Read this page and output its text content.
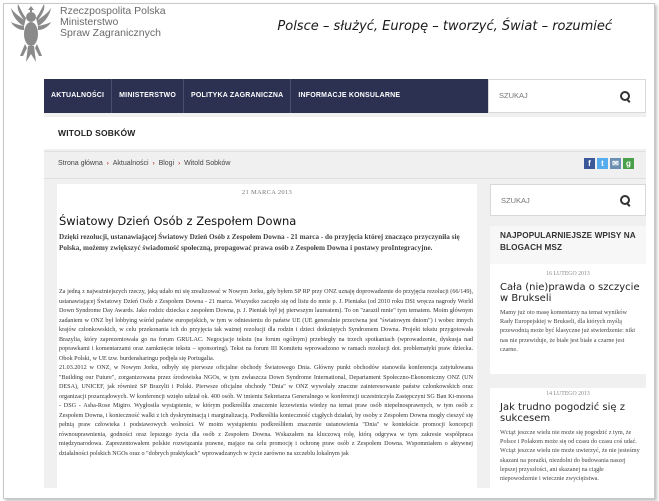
Rzeczpospolita Polska
Ministerstwo
Spraw Zagranicznych	Polsce – służyć, Europę – tworzyć, Świat – rozumieć
AKTUALNOŚCI	MINISTERSTWO	POLITYKA ZAGRANICZNA	INFORMACJE KONSULARNE
SZUKAJ
WITOLD SOBKÓW
Strona główna › Aktualności › Blogi › Witold Sobków	f	t	✉ g
21 MARCA 2013
Światowy Dzień Osób z Zespołem Downa
Dzięki rezolucji, ustanawiającej Światowy Dzień Osób z Zespołem Downa - 21 marca - do przyjęcia której znacząco przyczyniła się Polska, możemy zwiększyć świadomość społeczną, propagować prawa osób z Zespołem Downa i postawy proIntegracyjne.

Za jedną z najważniejszych rzeczy, jaką udało mi się zrealizować w Nowym Jorku, gdy byłem SP RP przy ONZ uznaję doprowadzenie do przyjęcia rezolucji (66/149), ustanawiającej Światowy Dzień Osób z Zespołem Downa - 21 marca. Wszystko zaczęło się od listu do mnie p. J. Pieniaka (od 2010 roku DSI wręcza nagrody World Down Syndrome Day Awards. Jako rodzic dziecka z zespołem Downa, p. J. Pieniak był jej pierwszym laureatem). To on "zaraził mnie" tym tematem. Moim głównym zadaniem w ONZ był lobbying wśród państw europejskich, w tym w odniesieniu do państw UE (UE generalnie przeciwna jest "światowym dniom") i wobec innych krajów członkowskich, w celu przekonania ich do przyjęcia tak ważnej rezolucji dla rodzin i dzieci dotkniętych Syndromem Downa. Projekt tekstu przygotowała Brazylia, który zaprezentowała go na forum GRULAC. Negocjacje tekstu (na forum ogólnym) przebiegły na trzech spotkaniach (wprowadzenie, dyskusja nad poprawkami i komentarzami oraz zamknięcie tekstu – sponsoring). Tekst na forum III Komitetu wprowadzono w ramach rezolucji dot. problematyki praw dziecka. Obok Polski, w UE tzw. burdensharingu podjęła się Portugalia.
21.03.2012 w ONZ, w Nowym Jorku, odbyły się pierwsze oficjalne obchody Światowego Dnia. Główny punkt obchodów stanowiła konferencja zatytułowana "Building our Future", zorganizowana przez środowiska NGOs, w tym zwłaszcza Down Syndrome International, Departament Społeczno-Ekonomiczny ONZ (UN DESA), UNICEF, jak również SP Brazylii i Polski. Pierwsze oficjalne obchody "Dnia" w ONZ wywołały znaczne zainteresowanie państw członkowskich oraz organizacji pozarządowych. W konferencji wzięło udział ok. 400 osób. W imieniu Sekretarza Generalnego w konferencji uczestniczyła Zastępczyni SG Ban Ki-moona - DSG - Asha-Rose Migiro. Wygłosiła wystąpienie, w którym podkreśliła znaczenie krzewienia wiedzy na temat praw osób niepełnosprawnych, w tym osób z Zespołem Downa, i konieczność walki z ich dyskryminacją i marginalizacją. Podkreśliła konieczność ciągłych działań, by osoby z Zespołem Downa mogły cieszyć się pełnią praw człowieka i podstawowych wolności. W moim wystąpieniu podkreśliłem znaczenie ustanowienia "Dnia" w kontekście promocji koncepcji równouprawnienia, godności oraz lepszego życia dla osób z Zespołem Downa. Wskazałem na kluczową rolę, którą odgrywa w tym zakresie współpraca międzynarodowa. Zaprezentowałem polskie rozwiązania prawne, mające na celu promocję i ochronę praw osób z Zespołem Downa. Wspomniałem o aktywnej działalności polskich NGOs oraz o "dobrych praktykach" wprowadzanych w życie zarówno na szczeblu lokalnym jak

SZUKAJ
NAJPOPULARNIEJSZE WPISY NA BLOGACH MSZ
16 LUTEGO 2013
Cała (nie)prawda o szczycie w Brukseli
Mamy już oto masę komentarzy na temat wyników Rady Europejskiej w Brukseli, dla których myślą przewodnią może być klasyczne już stwierdzenie: nikt nas nie przewiduje, że białe jest białe a czarne jest czarne.
14 LUTEGO 2013
Jak trudno pogodzić się z sukcesem
Wciąż jeszcze wielu nie może się pogodzić z tym, że Polsce i Polakom może się od czasu do czasu coś udać. Wciąż jeszcze wielu nie może uwierzyć, że nie jesteśmy skazani na porażki, niezdolni do budowania naszej lepszej przyszłości, ani skazanej na ciągłe niepowodzenie i wiecznie zwyciężstwa.
